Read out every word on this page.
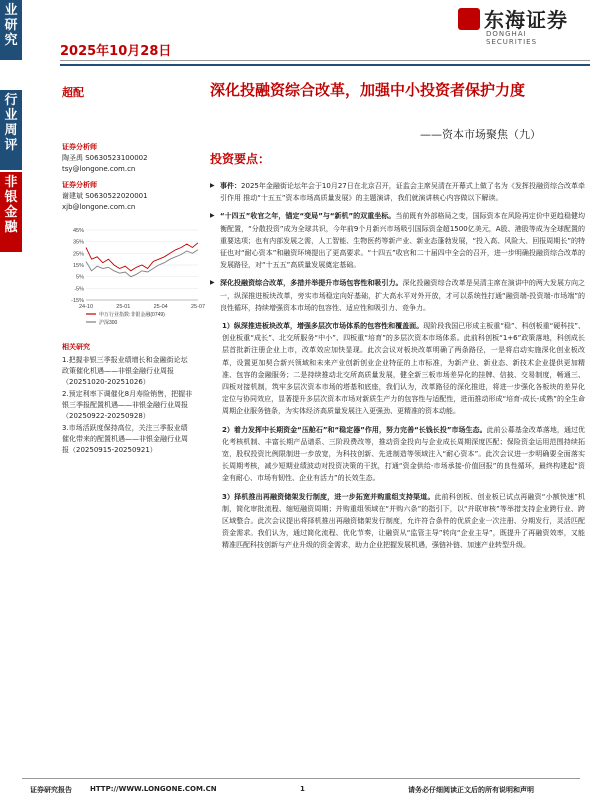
业研究
行业周评
非银金融
东海证券
DONGHAI SECURITIES
2025年10月28日
超配	深化投融资综合改革，加强中小投资者保护力度
——资本市场聚焦（九）
证券分析师
陶圣禹 S0630523100002
tsy@longone.com.cn
证券分析师
谢建斌 S0630522020001
xjb@longone.com.cn
45%
35%
25%
15%
5%
-5%
-15%
24-10	25-01	25-04	25-07
申万行业指数:非银金融(0749)
沪深300
相关研究

1.把握非银三季报业绩增长和金融街论坛政策催化机遇——非银金融行业周报（20251020-20251026）

2.预定利率下调催化8月寿险销售，把握非银三季报配置机遇——非银金融行业周报（20250922-20250928）

3.市场活跃度保持高位，关注三季报业绩催化带来的配置机遇——非银金融行业周报（20250915-20250921）

投资要点：

▶ 事件：2025年金融街论坛年会于10月27日在北京召开，证监会主席吴清在开幕式上做了名为《发挥投融资综合改革牵引作用 推动“十五五”资本市场高质量发展》的主题演讲，我们就演讲核心内容做以下解读。

▶ “十四五”收官之年，锚定“变局”与“新机”的双重坐标。当前既有外部格局之变，国际资本在风险再定价中更趋稳健均衡配置，“分散投资”成为全球共识，今年前9个月新兴市场吸引国际资金超1500亿美元，A股、港股等成为全球配置的重要选项；也有内部发展之需，人工智能、生物医药等新产业、新业态蓬勃发展，“投入高、风险大、回报周期长”的特征也对“耐心资本”和融资环境提出了更高要求。“十四五”收官和二十届四中全会的召开，进一步明确投融资综合改革的发展路径，对“十五五”高质量发展奠定基础。

▶ 深化投融资综合改革，多措并举提升市场包容性和吸引力。深化投融资综合改革是吴清主席在演讲中的两大发展方向之一，纵深推进板块改革，旁实市场稳定向好基础，扩大高水平对外开放，才可以系统性打通“融资端-投资端-市场端”的良性循环，持续增强资本市场的包容性、适应性和吸引力、竞争力。

1）纵深推进板块改革，增强多层次市场体系的包容性和覆盖面。现阶段我国已形成主板重“稳”、科创板重“硬科技”、创业板重“成长”、北交所服务“中小”、四板重“培育”的多层次资本市场体系。此前科创板“1+6”政策落地，科创成长层首批新注册企业上市，改革效应加快显现。此次会议对板块改革明确了两条路径，一是将启动实施深化创业板改革，设置更加契合新兴领域和未来产业创新创业企业特征的上市标准，为新产业、新业态、新技术企业提供更加精准、包容的金融服务；二是持续推动北交所高质量发展，健全新三板市场差异化的挂牌、信披、交易制度，畅通三、四板对接机制，筑牢多层次资本市场的塔基和底座，我们认为，改革路径的深化推进，将进一步强化各板块的差异化定位与协同效应，显著提升多层次资本市场对新质生产力的包容性与适配性，进而推动形成“培育-成长-成熟”的全生命周期企业服务链条，为实体经济高质量发展注入更强劲、更精准的资本动能。

2）着力发挥中长期资金“压舱石”和“稳定器”作用，努力完善“长钱长投”市场生态。此前公募基金改革落地，通过优化考核机制、丰富长期产品谱系、三阶段费改等，推动资金投向与企业成长周期深度匹配；保险资金运用范围持续拓宽，股权投资比例限制进一步放宽，为科技创新、先进制造等领域注入“耐心资本”。此次会议进一步明确要全面落实长周期考核，减少短期业绩波动对投资决策的干扰，打通“资金供给-市场承接-价值回报”的良性循环，最终构建起“资金有耐心、市场有韧性、企业有活力”的长效生态。

3）择机推出再融资储架发行制度，进一步拓宽并购重组支持渠道。此前科创板、创业板已试点再融资“小额快速”机制，简化审批流程、缩短融资周期；并购重组领域在“并购六条”的指引下，以“并联审核”等举措支持企业跨行业、跨区域整合。此次会议提出将择机推出再融资储架发行制度，允许符合条件的优质企业一次注册、分期发行，灵活匹配资金需求。我们认为，通过简化流程、优化节奏，让融资从“监管主导”转向“企业主导”，既提升了再融资效率，又能精准匹配科技创新与产业升级的资金需求，助力企业把握发展机遇，强链补链、加速产业转型升级。

证券研究报告	HTTP://WWW.LONGONE.COM.CN	1	请务必仔细阅读正文后的所有说明和声明
